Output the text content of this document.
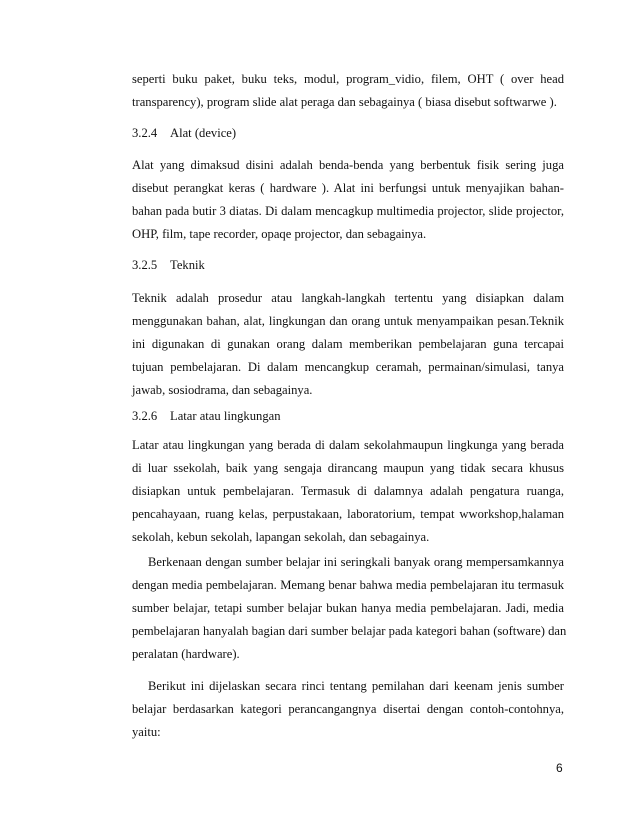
seperti buku paket, buku teks, modul, program_vidio, filem, OHT ( over head
transparency), program slide alat peraga dan sebagainya ( biasa disebut softwarwe ).
3.2.4 Alat (device)
Alat yang dimaksud disini adalah benda-benda yang berbentuk fisik sering juga
disebut perangkat keras ( hardware ). Alat ini berfungsi untuk menyajikan bahan-
bahan pada butir 3 diatas. Di dalam mencagkup multimedia projector, slide projector,
OHP, film, tape recorder, opaqe projector, dan sebagainya.
3.2.5 Teknik
Teknik adalah prosedur atau langkah-langkah tertentu yang disiapkan dalam
menggunakan bahan, alat, lingkungan dan orang untuk menyampaikan pesan.Teknik
ini digunakan di gunakan orang dalam memberikan pembelajaran guna tercapai
tujuan pembelajaran. Di dalam mencangkup ceramah, permainan/simulasi, tanya
jawab, sosiodrama, dan sebagainya.
3.2.6 Latar atau lingkungan
Latar atau lingkungan yang berada di dalam sekolahmaupun lingkunga yang berada
di luar ssekolah, baik yang sengaja dirancang maupun yang tidak secara khusus
disiapkan untuk pembelajaran. Termasuk di dalamnya adalah pengatura ruanga,
pencahayaan, ruang kelas, perpustakaan, laboratorium, tempat wworkshop,halaman
sekolah, kebun sekolah, lapangan sekolah, dan sebagainya.
Berkenaan dengan sumber belajar ini seringkali banyak orang mempersamkannya
dengan media pembelajaran. Memang benar bahwa media pembelajaran itu termasuk
sumber belajar, tetapi sumber belajar bukan hanya media pembelajaran. Jadi, media
pembelajaran hanyalah bagian dari sumber belajar pada kategori bahan (software) dan
peralatan (hardware).
Berikut ini dijelaskan secara rinci tentang pemilahan dari keenam jenis sumber
belajar berdasarkan kategori perancangangnya disertai dengan contoh-contohnya,
yaitu:
6
